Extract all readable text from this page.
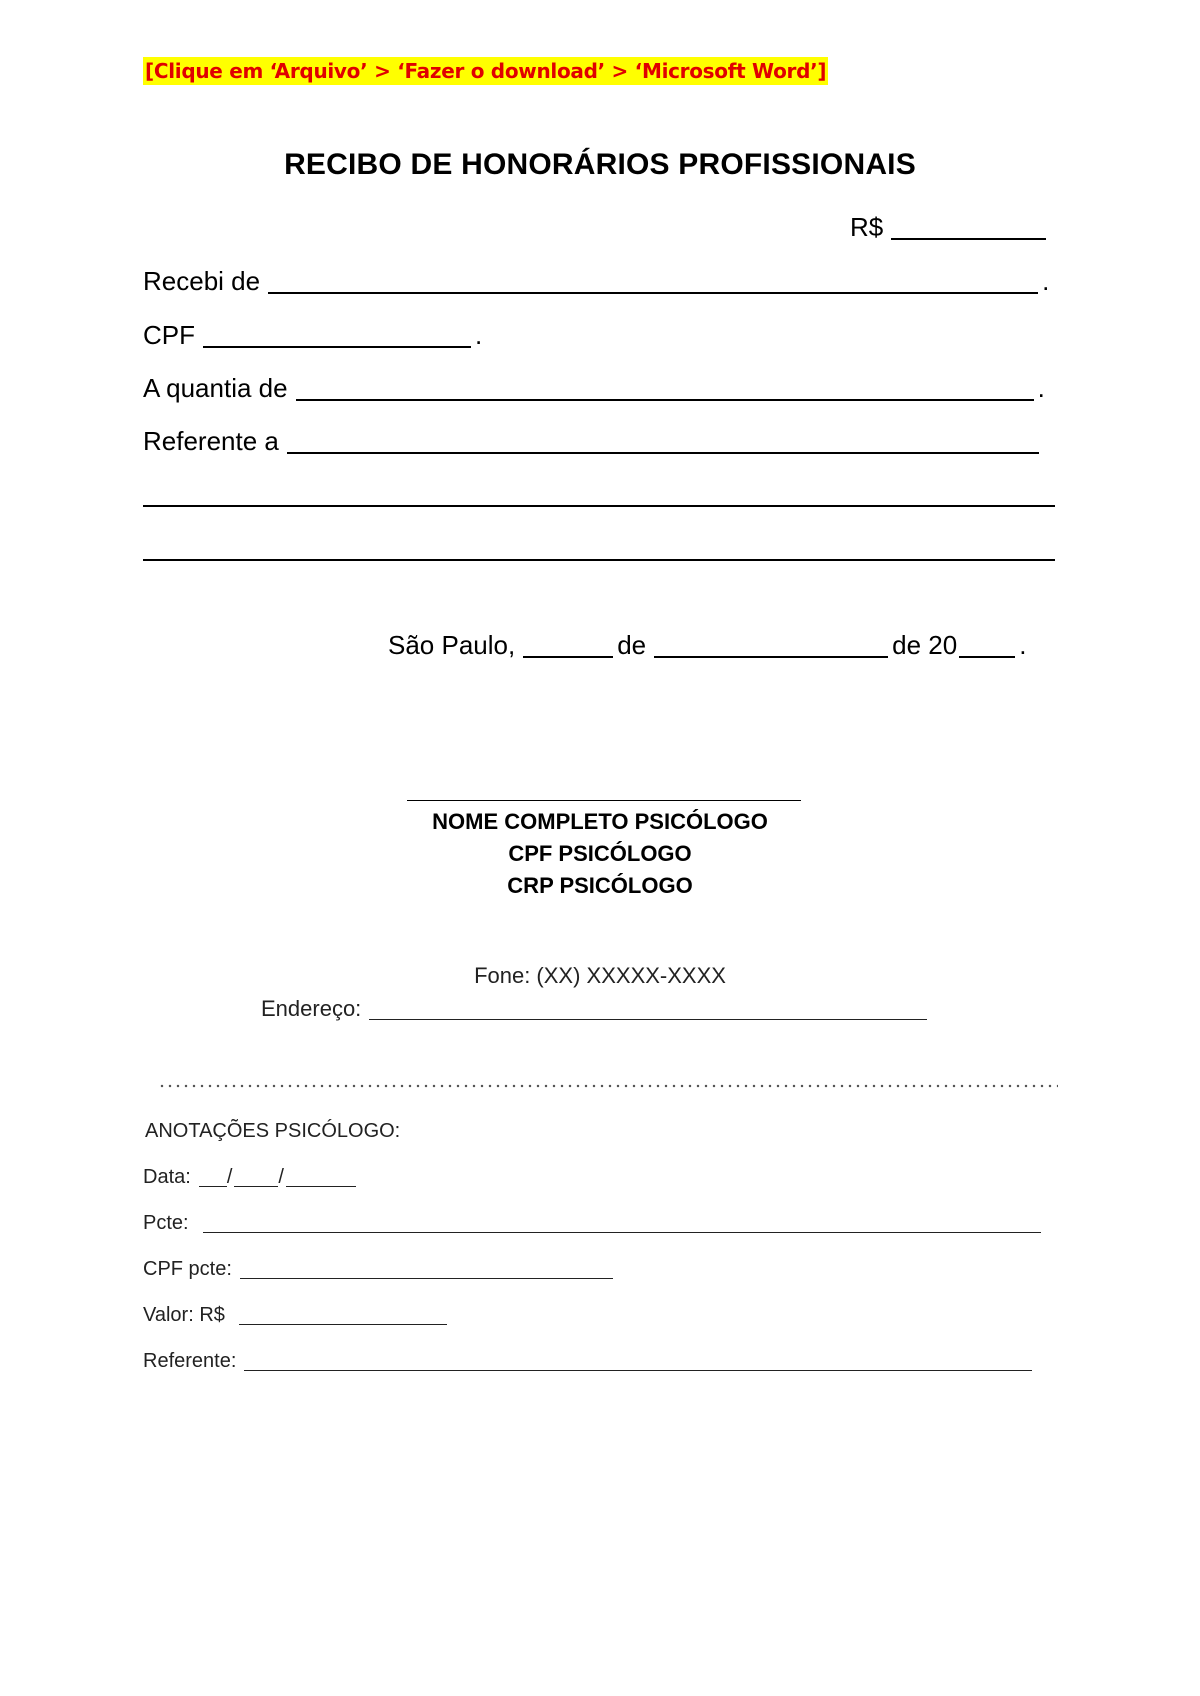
[Clique em ‘Arquivo’ > ‘Fazer o download’ > ‘Microsoft Word’]
RECIBO DE HONORÁRIOS PROFISSIONAIS
R$
Recebi de	.
CPF	.
A quantia de	.
Referente a
São Paulo,	de	de 20 .
NOME COMPLETO PSICÓLOGO
CPF PSICÓLOGO
CRP PSICÓLOGO
Fone: (XX) XXXXX-XXXX
Endereço:
ANOTAÇÕES PSICÓLOGO:
Data: / /
Pcte:
CPF pcte:
Valor: R$
Referente:
